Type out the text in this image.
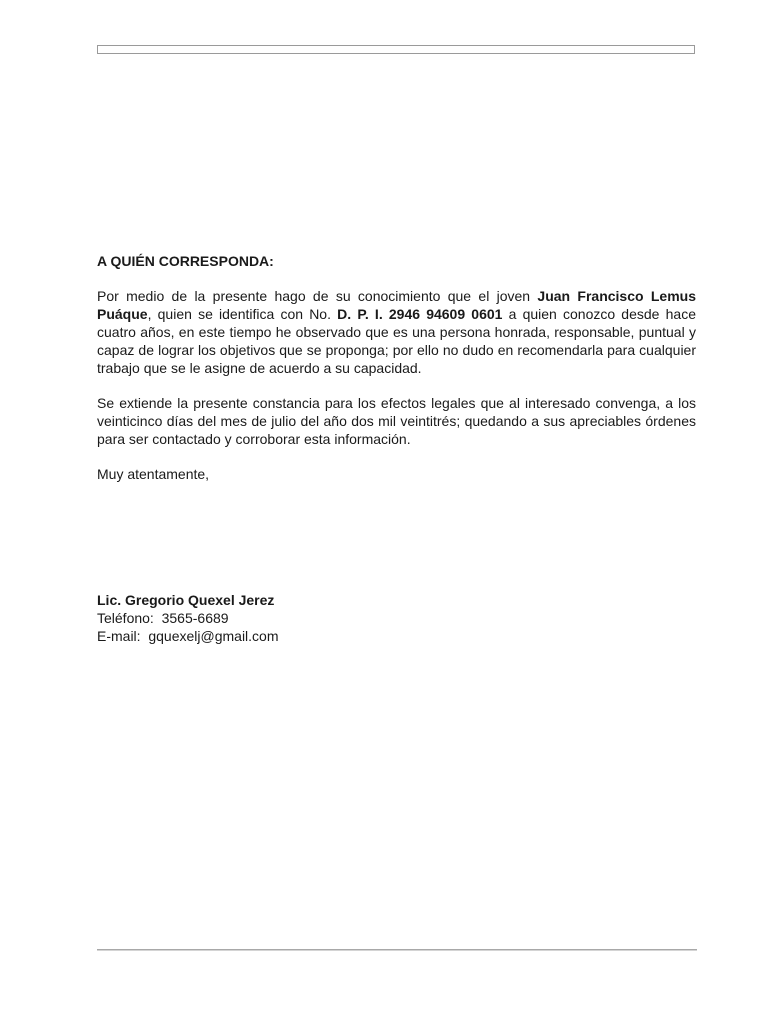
A QUIÉN CORRESPONDA:

Por medio de la presente hago de su conocimiento que el joven Juan Francisco Lemus Puáque, quien se identifica con No. D. P. I. 2946 94609 0601 a quien conozco desde hace cuatro años, en este tiempo he observado que es una persona honrada, responsable, puntual y capaz de lograr los objetivos que se proponga; por ello no dudo en recomendarla para cualquier trabajo que se le asigne de acuerdo a su capacidad.

Se extiende la presente constancia para los efectos legales que al interesado convenga, a los veinticinco días del mes de julio del año dos mil veintitrés; quedando a sus apreciables órdenes para ser contactado y corroborar esta información.

Muy atentamente,

Lic. Gregorio Quexel Jerez

Teléfono: 3565-6689

E-mail: gquexelj@gmail.com
